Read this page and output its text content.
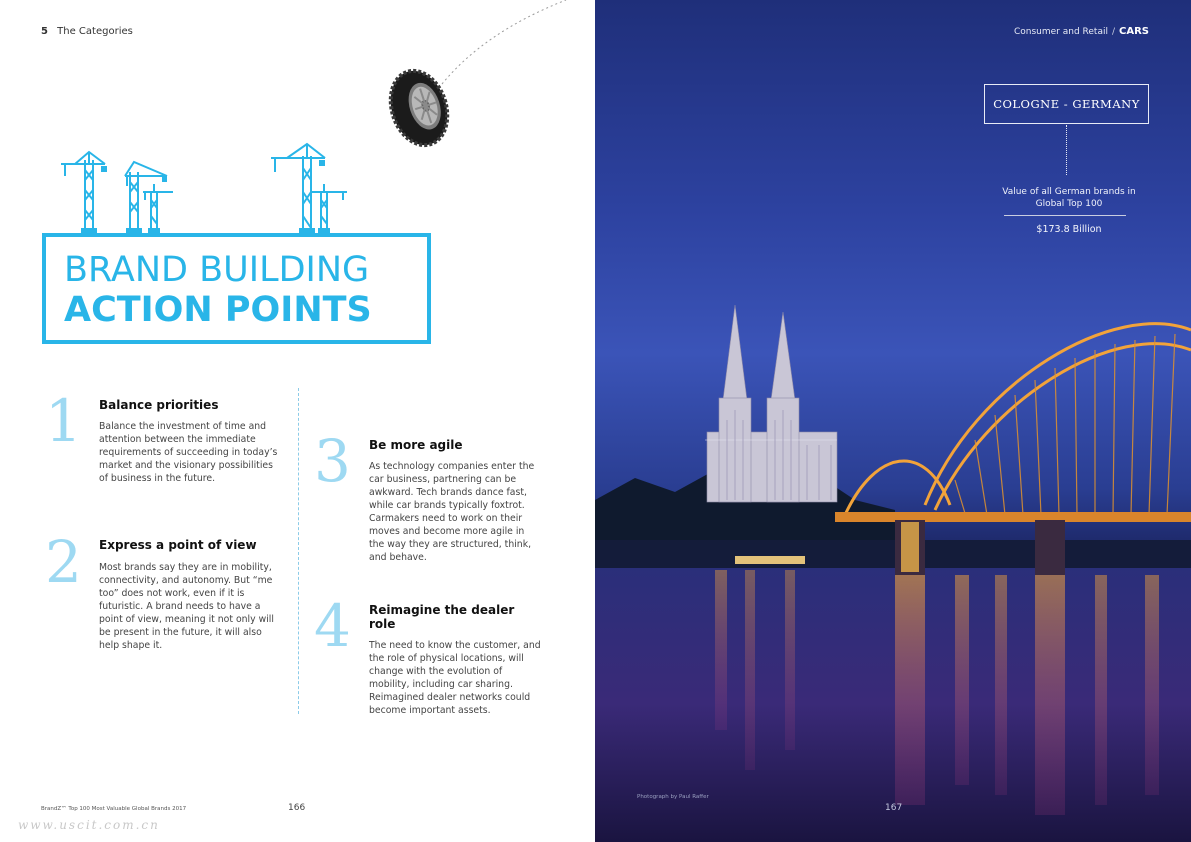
5 The Categories
BRAND BUILDING
ACTION POINTS
1 Balance priorities
Balance the investment of time and attention between the immediate requirements of succeeding in today’s market and the visionary possibilities of business in the future.
2 Express a point of view
Most brands say they are in mobility, connectivity, and autonomy. But “me too” does not work, even if it is futuristic. A brand needs to have a point of view, meaning it not only will be present in the future, it will also help shape it.
3 Be more agile
As technology companies enter the car business, partnering can be awkward. Tech brands dance fast, while car brands typically foxtrot. Carmakers need to work on their moves and become more agile in the way they are structured, think, and behave.
4 Reimagine the dealer role
The need to know the customer, and the role of physical locations, will change with the evolution of mobility, including car sharing. Reimagined dealer networks could become important assets.
BrandZ™ Top 100 Most Valuable Global Brands 2017	166
www.uscit.com.cn
Consumer and Retail / CARS
COLOGNE - GERMANY
Value of all German brands in Global Top 100
$173.8 Billion
Photograph by Paul Raffer
167
